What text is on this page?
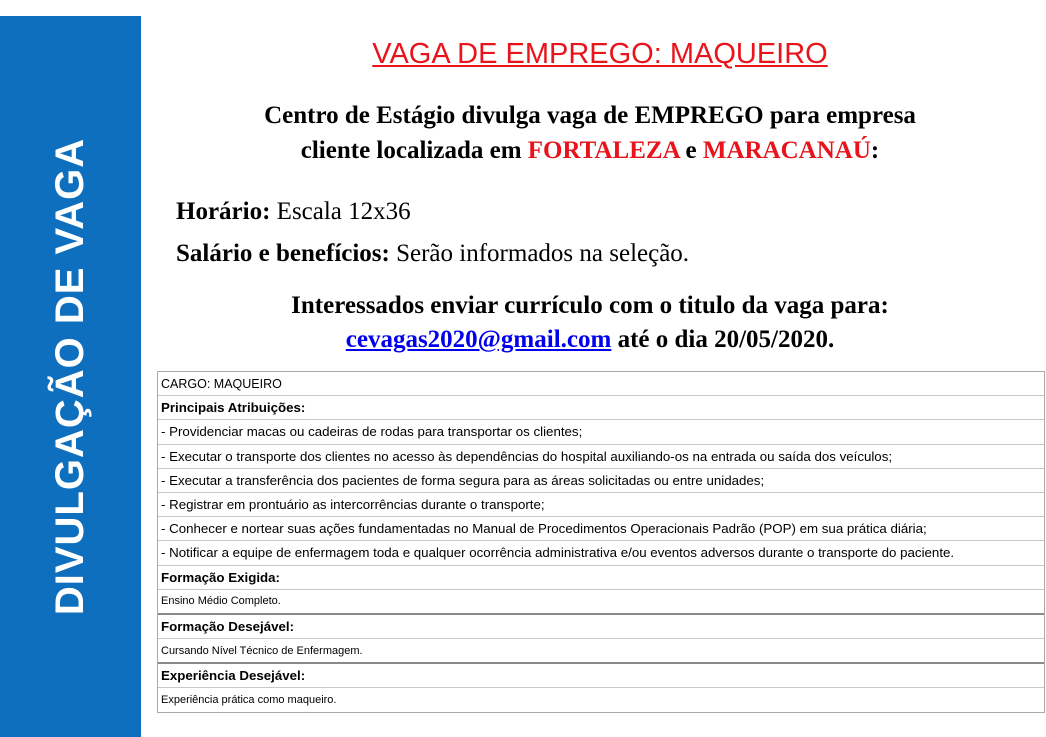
DIVULGAÇÃO DE VAGA
VAGA DE EMPREGO: MAQUEIRO
Centro de Estágio divulga vaga de EMPREGO para empresa
cliente localizada em FORTALEZA e MARACANAÚ:
Horário: Escala 12x36
Salário e benefícios: Serão informados na seleção.
Interessados enviar currículo com o titulo da vaga para:
cevagas2020@gmail.com até o dia 20/05/2020.
CARGO: MAQUEIRO
Principais Atribuições:
- Providenciar macas ou cadeiras de rodas para transportar os clientes;
- Executar o transporte dos clientes no acesso às dependências do hospital auxiliando-os na entrada ou saída dos veículos;
- Executar a transferência dos pacientes de forma segura para as áreas solicitadas ou entre unidades;
- Registrar em prontuário as intercorrências durante o transporte;
- Conhecer e nortear suas ações fundamentadas no Manual de Procedimentos Operacionais Padrão (POP) em sua prática diária;
- Notificar a equipe de enfermagem toda e qualquer ocorrência administrativa e/ou eventos adversos durante o transporte do paciente.
Formação Exigida:
Ensino Médio Completo.
Formação Desejável:
Cursando Nível Técnico de Enfermagem.
Experiência Desejável:
Experiência prática como maqueiro.
